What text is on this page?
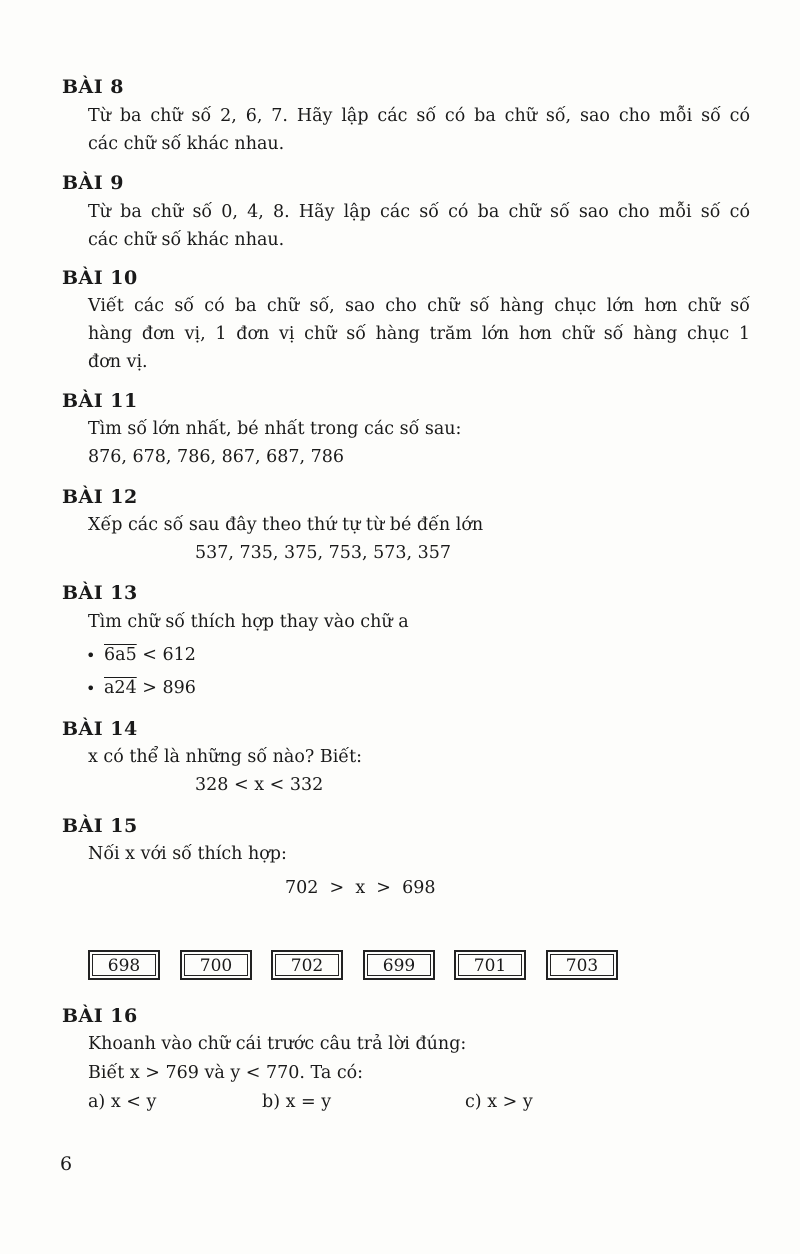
BÀI 8
Từ ba chữ số 2, 6, 7. Hãy lập các số có ba chữ số, sao cho mỗi số có
các chữ số khác nhau.
BÀI 9
Từ ba chữ số 0, 4, 8. Hãy lập các số có ba chữ số sao cho mỗi số có
các chữ số khác nhau.
BÀI 10
Viết các số có ba chữ số, sao cho chữ số hàng chục lớn hơn chữ số
hàng đơn vị, 1 đơn vị chữ số hàng trăm lớn hơn chữ số hàng chục 1
đơn vị.
BÀI 11
Tìm số lớn nhất, bé nhất trong các số sau:
876, 678, 786, 867, 687, 786
BÀI 12
Xếp các số sau đây theo thứ tự từ bé đến lớn
537, 735, 375, 753, 573, 357
BÀI 13
Tìm chữ số thích hợp thay vào chữ a
• 6a5 < 612
• a24 > 896
BÀI 14
x có thể là những số nào? Biết:
328 < x < 332
BÀI 15
Nối x với số thích hợp:
702  >  x  >  698
698	700	702	699	701	703
BÀI 16
Khoanh vào chữ cái trước câu trả lời đúng:
Biết x > 769 và y < 770. Ta có:
a) x < y	b) x = y	c) x > y
6
